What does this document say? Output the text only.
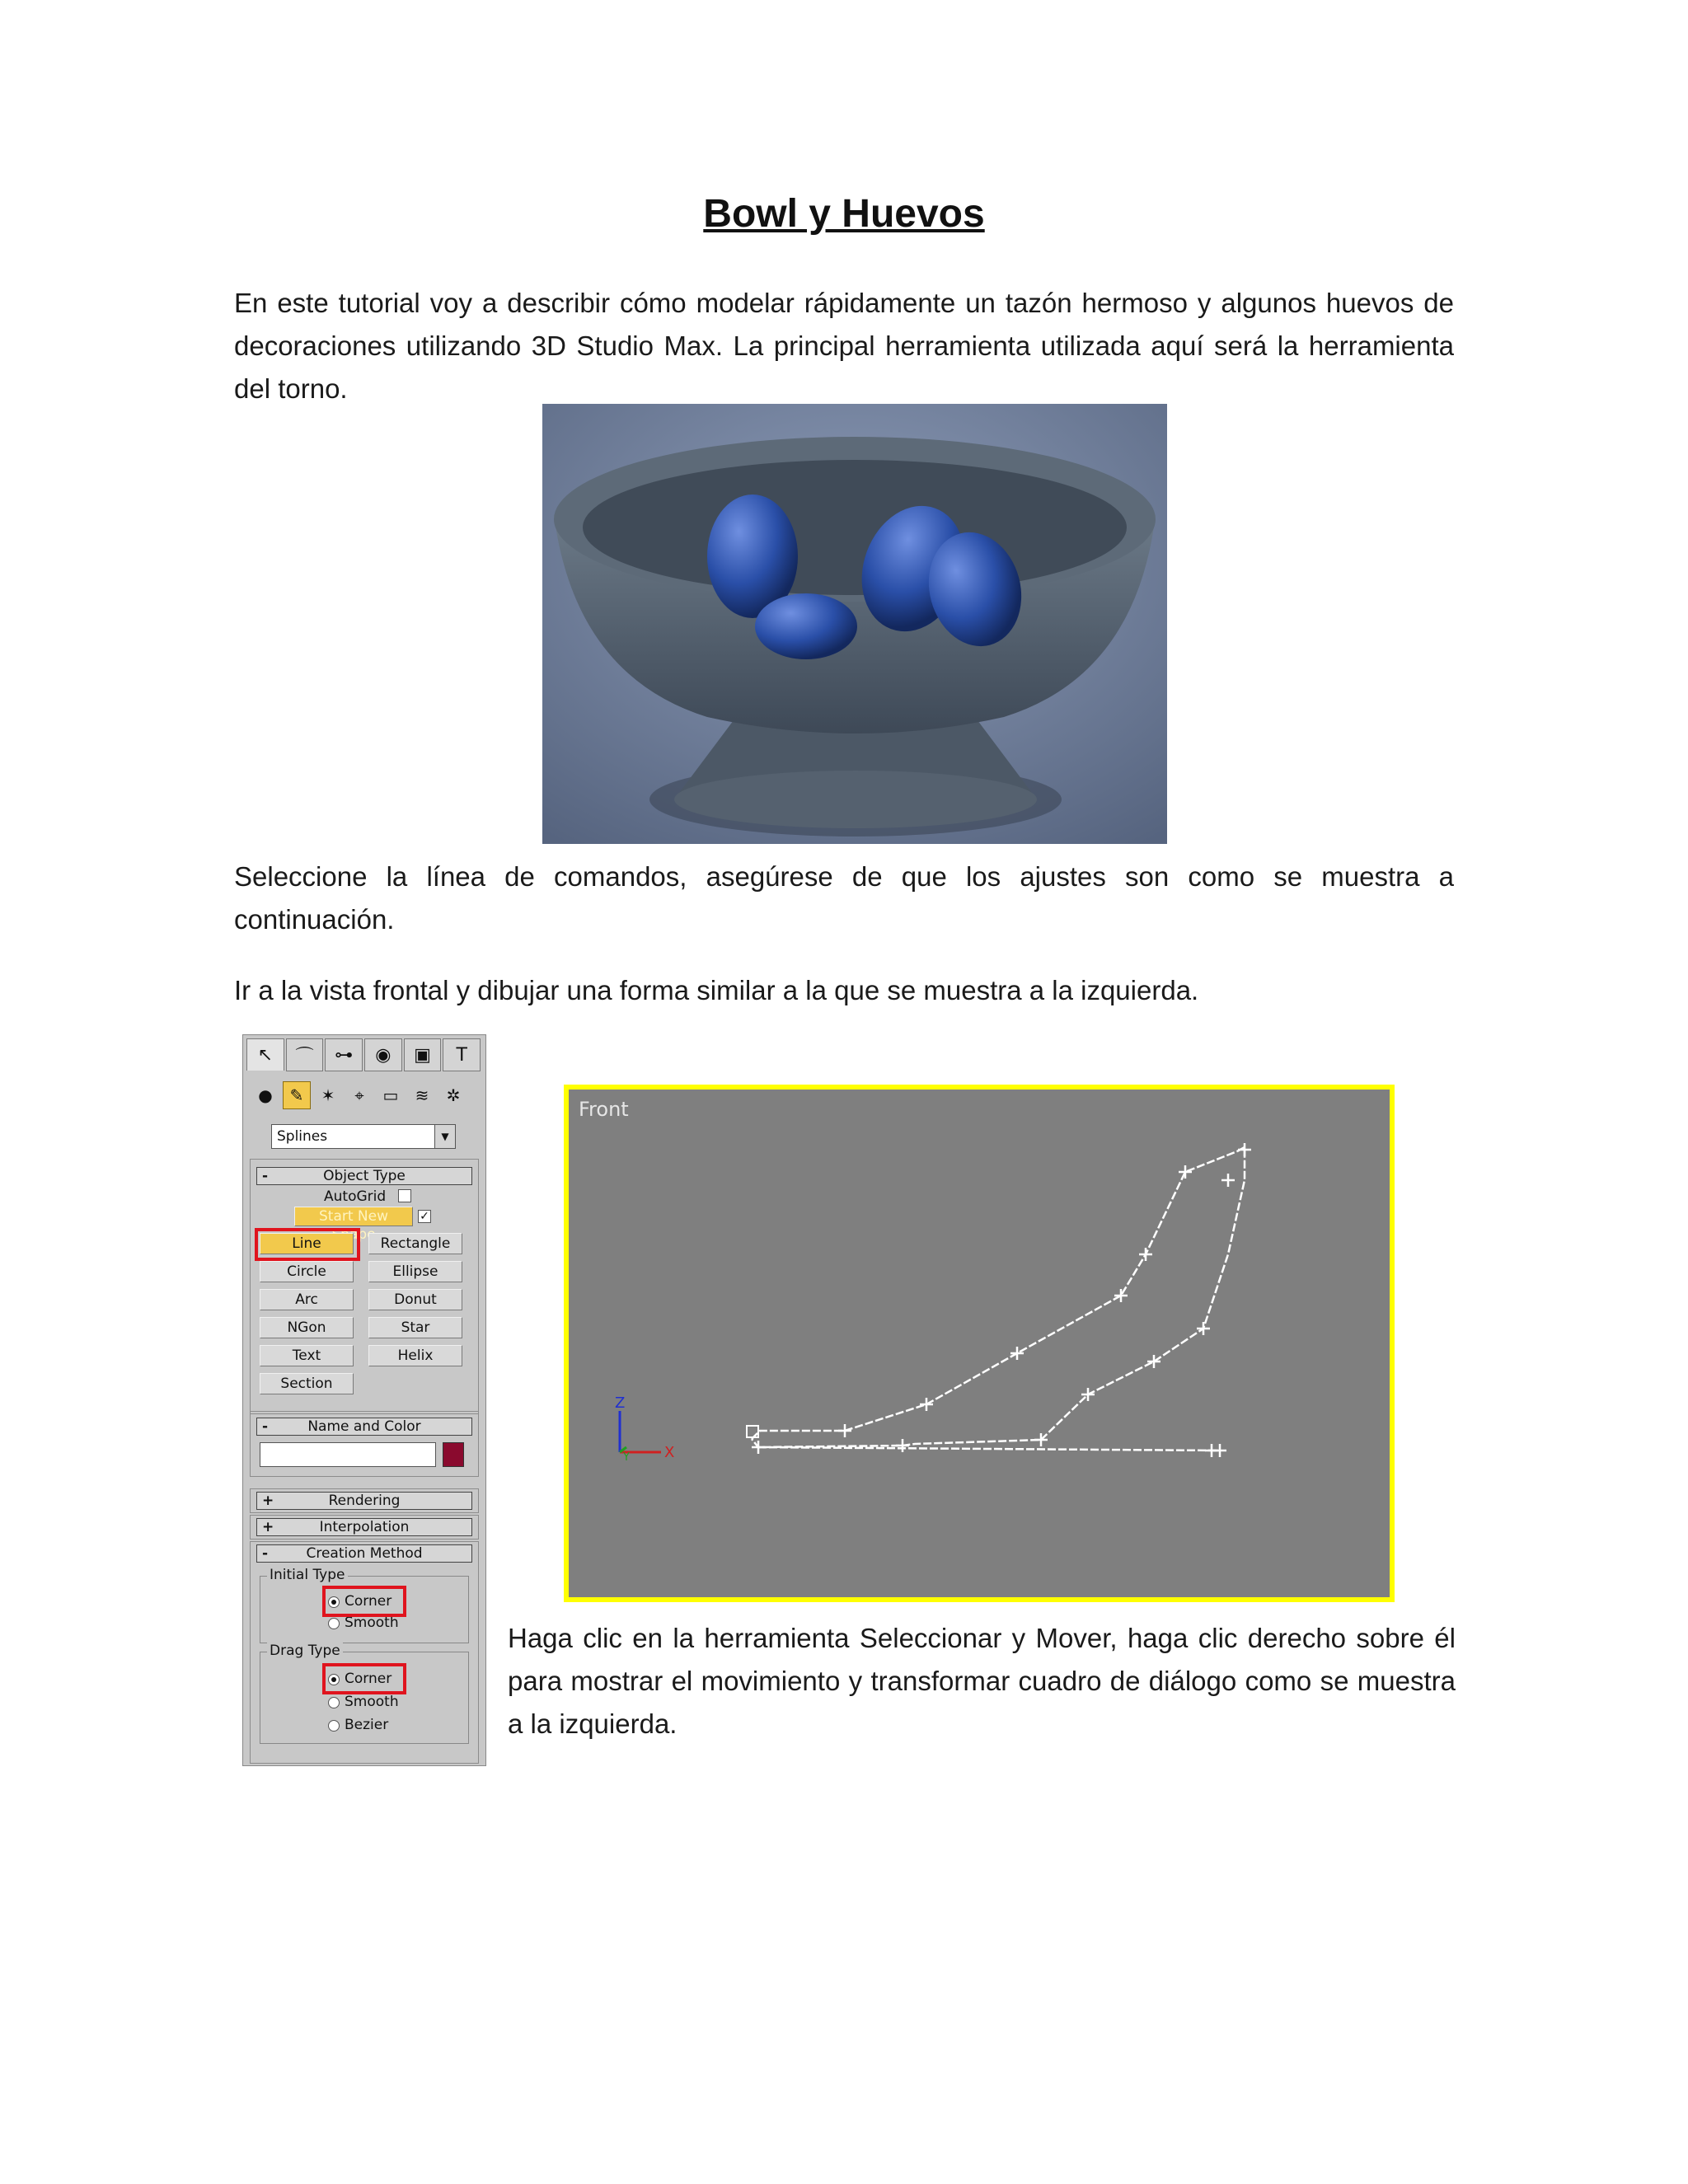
Bowl y Huevos
En este tutorial voy a describir cómo modelar rápidamente un tazón hermoso y algunos huevos de decoraciones utilizando 3D Studio Max. La principal herramienta utilizada aquí será la herramienta del torno.
Seleccione la línea de comandos, asegúrese de que los ajustes son como se muestra a continuación.
Ir a la vista frontal y dibujar una forma similar a la que se muestra a la izquierda.
↖ ⌒ ⊶ ◉ ▣ T
● ✎ ✶ ⌖ ▭ ≋ ✲
Splines	▼
-	Object Type
AutoGrid
Start New	✓
Line	Rectangle
Circle	Ellipse
Arc	Donut
NGon	Star
Text	Helix
Section
-	Name and Color
+	Rendering
+	Interpolation
-	Creation Method
Initial Type
Corner
Smooth
Drag Type
Corner
Smooth
Bezier
Front
Z
X
Y
Haga clic en la herramienta Seleccionar y Mover, haga clic derecho sobre él para mostrar el movimiento y transformar cuadro de diálogo como se muestra a la izquierda.
